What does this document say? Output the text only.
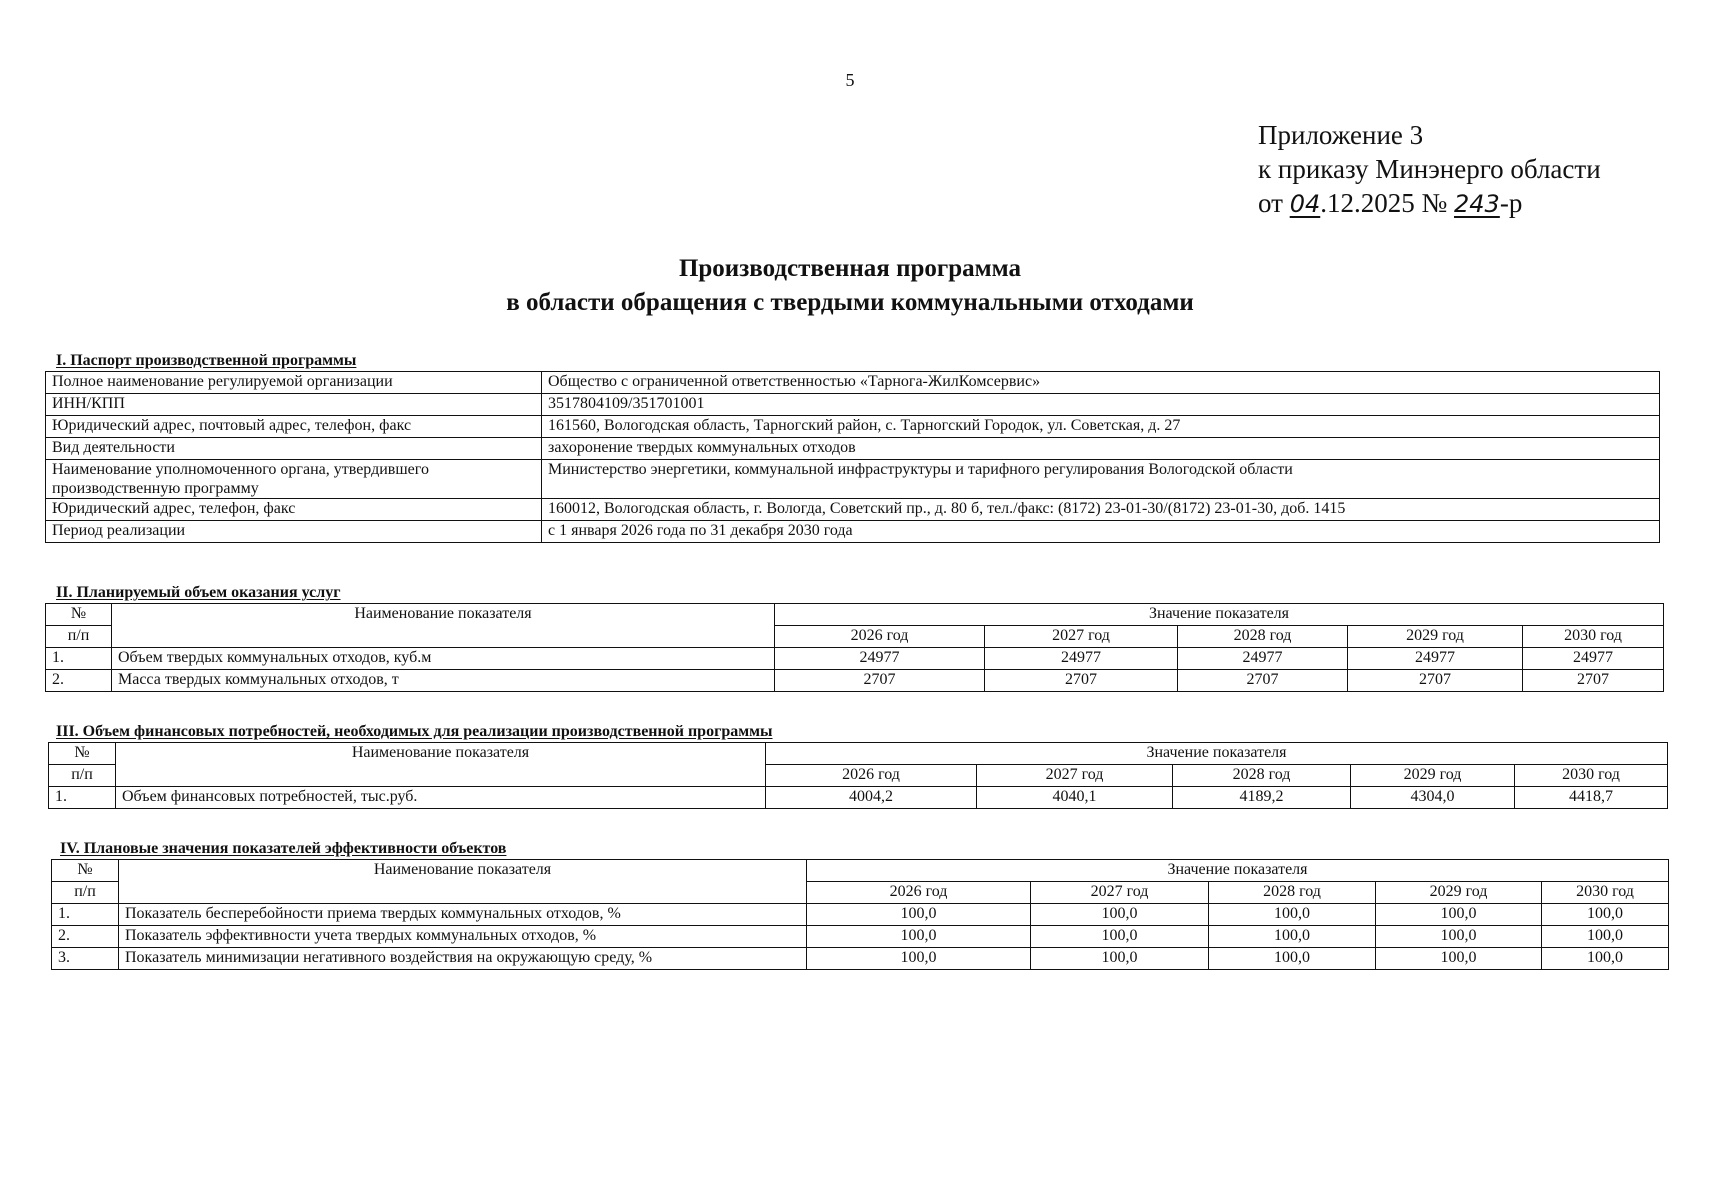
5
Приложение 3
к приказу Минэнерго области
от 04.12.2025 № 243-р
Производственная программа
в области обращения с твердыми коммунальными отходами
I. Паспорт производственной программы
Полное наименование регулируемой организации	Общество с ограниченной ответственностью «Тарнога-ЖилКомсервис»
ИНН/КПП	3517804109/351701001
Юридический адрес, почтовый адрес, телефон, факс	161560, Вологодская область, Тарногский район, с. Тарногский Городок, ул. Советская, д. 27
Вид деятельности	захоронение твердых коммунальных отходов
Наименование уполномоченного органа, утвердившего производственную программу	Министерство энергетики, коммунальной инфраструктуры и тарифного регулирования Вологодской области
Юридический адрес, телефон, факс	160012, Вологодская область, г. Вологда, Советский пр., д. 80 б, тел./факс: (8172) 23-01-30/(8172) 23-01-30, доб. 1415
Период реализации	с 1 января 2026 года по 31 декабря 2030 года
II. Планируемый объем оказания услуг
№	Наименование показателя	Значение показателя				
п/п		2026 год	2027 год	2028 год	2029 год	2030 год
1.	Объем твердых коммунальных отходов, куб.м	24977	24977	24977	24977	24977
2.	Масса твердых коммунальных отходов, т	2707	2707	2707	2707	2707
III. Объем финансовых потребностей, необходимых для реализации производственной программы
№	Наименование показателя	Значение показателя				
п/п		2026 год	2027 год	2028 год	2029 год	2030 год
1.	Объем финансовых потребностей, тыс.руб.	4004,2	4040,1	4189,2	4304,0	4418,7
IV. Плановые значения показателей эффективности объектов
№	Наименование показателя	Значение показателя				
п/п		2026 год	2027 год	2028 год	2029 год	2030 год
1.	Показатель бесперебойности приема твердых коммунальных отходов, %	100,0	100,0	100,0	100,0	100,0
2.	Показатель эффективности учета твердых коммунальных отходов, %	100,0	100,0	100,0	100,0	100,0
3.	Показатель минимизации негативного воздействия на окружающую среду, %	100,0	100,0	100,0	100,0	100,0
